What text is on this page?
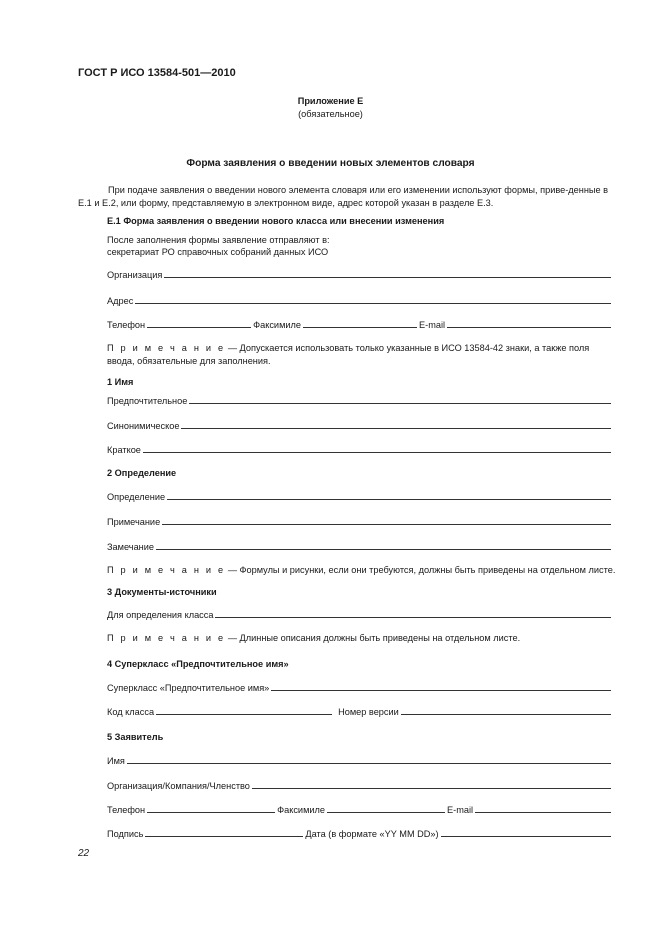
ГОСТ Р ИСО 13584-501—2010
Приложение Е
(обязательное)
Форма заявления о введении новых элементов словаря
При подаче заявления о введении нового элемента словаря или его изменении используют формы, приве-денные в Е.1 и Е.2, или форму, представляемую в электронном виде, адрес которой указан в разделе Е.3.
Е.1 Форма заявления о введении нового класса или внесении изменения
После заполнения формы заявление отправляют в:
секретариат РО справочных собраний данных ИСО
Организация
Адрес
Телефон	Факсимиле	E-mail
П р и м е ч а н и е — Допускается использовать только указанные в ИСО 13584-42 знаки, а также поля ввода, обязательные для заполнения.
1 Имя
Предпочтительное
Синонимическое
Краткое
2 Определение
Определение
Примечание
Замечание
П р и м е ч а н и е — Формулы и рисунки, если они требуются, должны быть приведены на отдельном листе.
3 Документы-источники
Для определения класса
П р и м е ч а н и е — Длинные описания должны быть приведены на отдельном листе.
4 Суперкласс «Предпочтительное имя»
Суперкласс «Предпочтительное имя»
Код класса	Номер версии
5 Заявитель
Имя
Организация/Компания/Членство
Телефон	Факсимиле	E-mail
Подпись	Дата (в формате «YY MM DD»)
22
